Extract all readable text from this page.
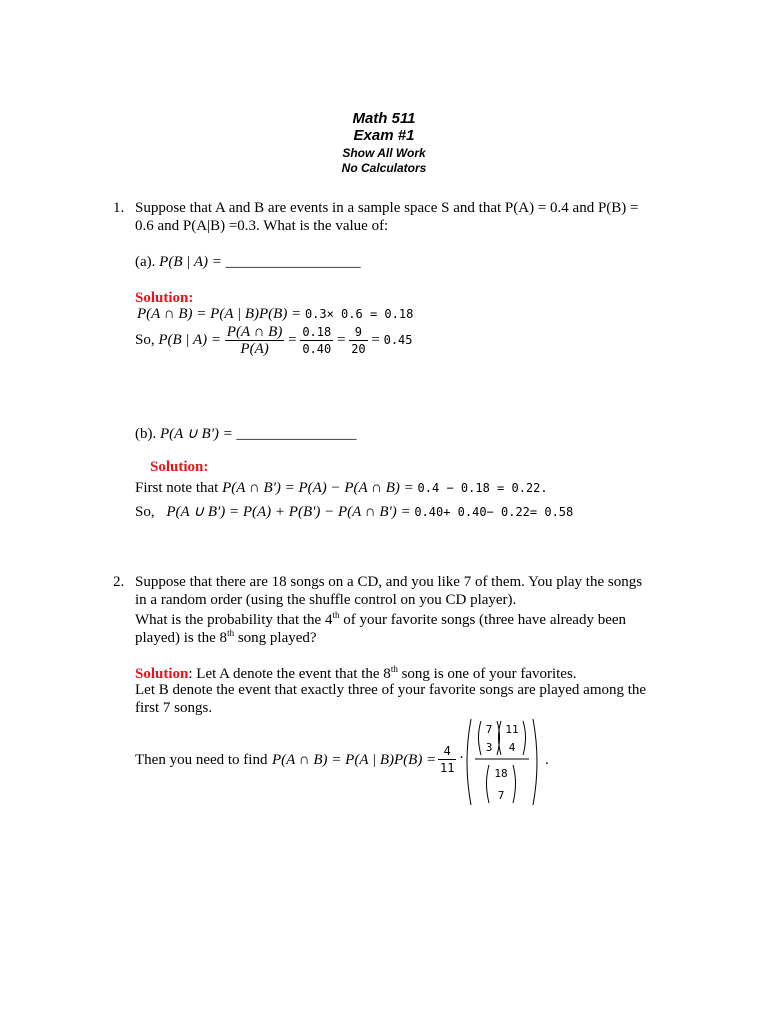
Math 511
Exam #1
Show All Work
No Calculators
1. Suppose that A and B are events in a sample space S and that P(A) = 0.4 and P(B) =
0.6 and P(A|B) =0.3. What is the value of:
(a). P(B | A) = __________________
Solution:
P(A ∩ B) = P(A | B)P(B) = 0.3× 0.6 = 0.18
So, P(B | $A) = \frac{P(A \cap B)}{P(A)} = \frac{0.18}{0.40} = \frac{9}{20} = 0.45$
(b). P(A ∪ B') = ________________
Solution:
First note that P(A ∩ B') = P(A) − P(A ∩ B) = 0.4 − 0.18 = 0.22.
So, P(A ∪ B') = P(A) + P(B') − P(A ∩ B') = 0.40+ 0.40− 0.22= 0.58
2. Suppose that there are 18 songs on a CD, and you like 7 of them. You play the songs
in a random order (using the shuffle control on you CD player).
What is the probability that the 4th of your favorite songs (three have already been
played) is the 8th song played?
Solution: Let A denote the event that the 8th song is one of your favorites.
Let B denote the event that exactly three of your favorite songs are played among the
first 7 songs.
Then you need to find P(A ∩ B) = P(A | $B)P(B) = \frac{4}{11}$ ·
7
3
11
4
18
7
.
